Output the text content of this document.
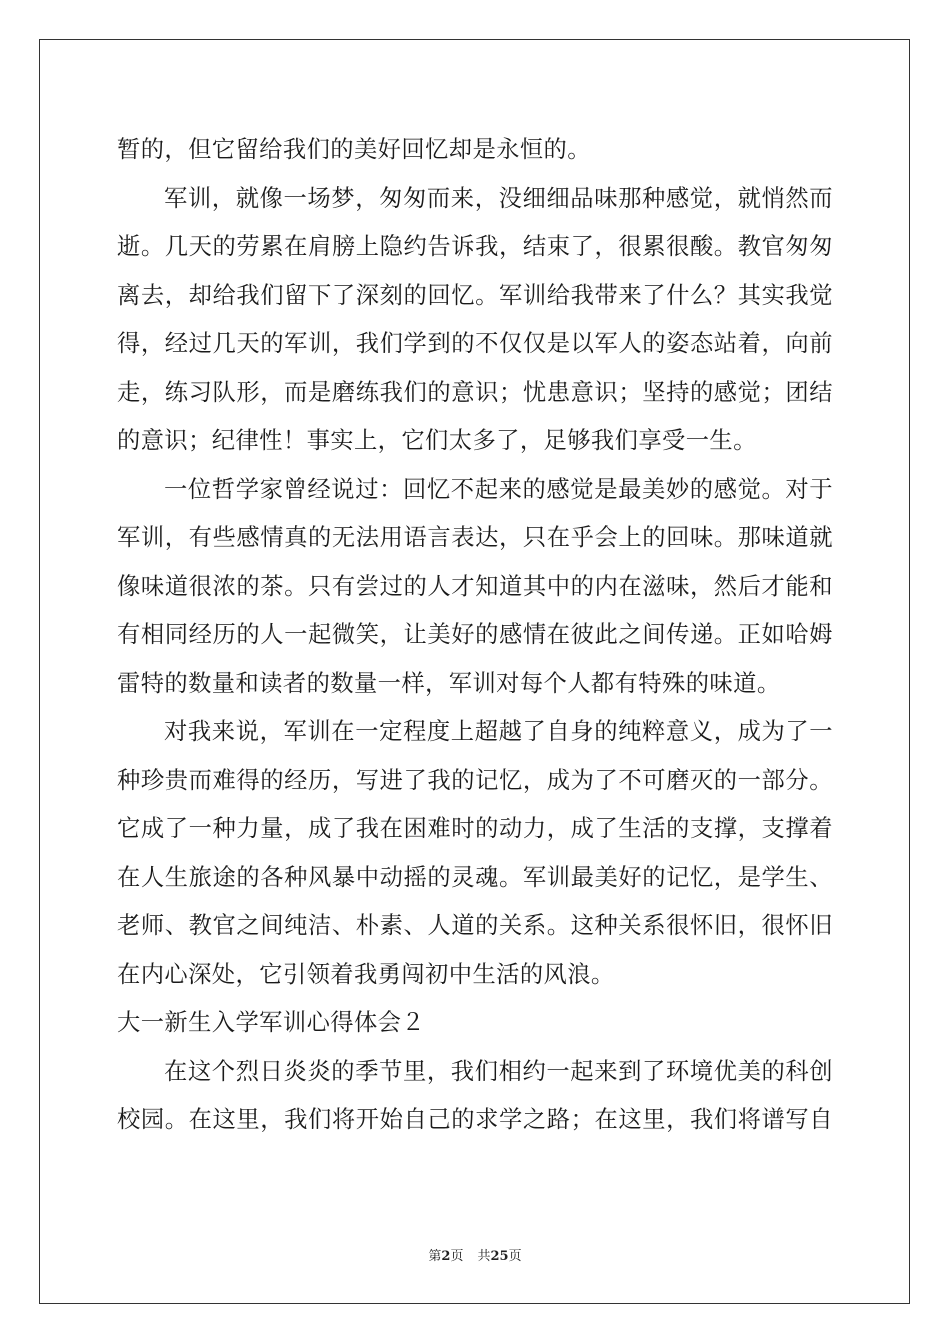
暂的，但它留给我们的美好回忆却是永恒的。
军训，就像一场梦，匆匆而来，没细细品味那种感觉，就悄然而
逝。几天的劳累在肩膀上隐约告诉我，结束了，很累很酸。教官匆匆
离去，却给我们留下了深刻的回忆。军训给我带来了什么？其实我觉
得，经过几天的军训，我们学到的不仅仅是以军人的姿态站着，向前
走，练习队形，而是磨练我们的意识；忧患意识；坚持的感觉；团结
的意识；纪律性！事实上，它们太多了，足够我们享受一生。
一位哲学家曾经说过：回忆不起来的感觉是最美妙的感觉。对于
军训，有些感情真的无法用语言表达，只在乎会上的回味。那味道就
像味道很浓的茶。只有尝过的人才知道其中的内在滋味，然后才能和
有相同经历的人一起微笑，让美好的感情在彼此之间传递。正如哈姆
雷特的数量和读者的数量一样，军训对每个人都有特殊的味道。
对我来说，军训在一定程度上超越了自身的纯粹意义，成为了一
种珍贵而难得的经历，写进了我的记忆，成为了不可磨灭的一部分。
它成了一种力量，成了我在困难时的动力，成了生活的支撑，支撑着
在人生旅途的各种风暴中动摇的灵魂。军训最美好的记忆，是学生、
老师、教官之间纯洁、朴素、人道的关系。这种关系很怀旧，很怀旧
在内心深处，它引领着我勇闯初中生活的风浪。
大一新生入学军训心得体会２
在这个烈日炎炎的季节里，我们相约一起来到了环境优美的科创
校园。在这里，我们将开始自己的求学之路；在这里，我们将谱写自
第2页 共25页
